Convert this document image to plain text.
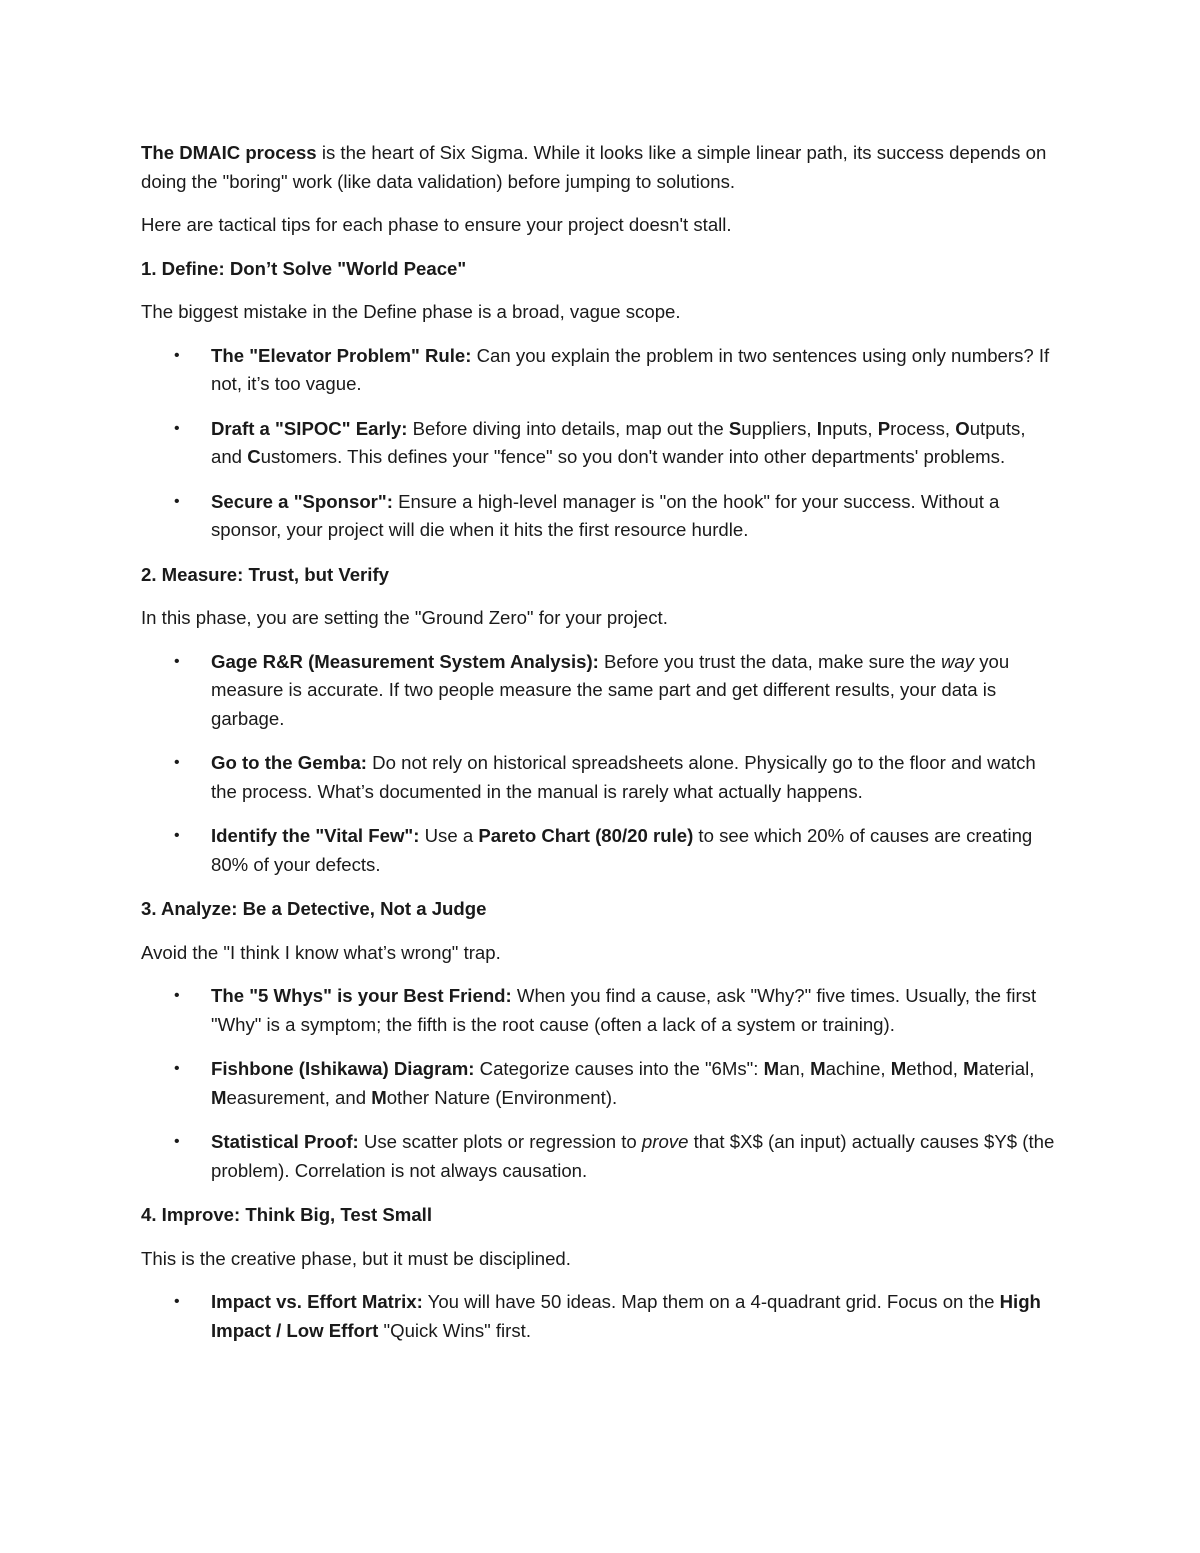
The DMAIC process is the heart of Six Sigma. While it looks like a simple linear path, its success depends on doing the "boring" work (like data validation) before jumping to solutions.

Here are tactical tips for each phase to ensure your project doesn't stall.

1. Define: Don’t Solve "World Peace"

The biggest mistake in the Define phase is a broad, vague scope.

• The "Elevator Problem" Rule: Can you explain the problem in two sentences using only numbers? If not, it’s too vague.
• Draft a "SIPOC" Early: Before diving into details, map out the Suppliers, Inputs, Process, Outputs, and Customers. This defines your "fence" so you don't wander into other departments' problems.
• Secure a "Sponsor": Ensure a high-level manager is "on the hook" for your success. Without a sponsor, your project will die when it hits the first resource hurdle.

2. Measure: Trust, but Verify

In this phase, you are setting the "Ground Zero" for your project.

• Gage R&R (Measurement System Analysis): Before you trust the data, make sure the way you measure is accurate. If two people measure the same part and get different results, your data is garbage.
• Go to the Gemba: Do not rely on historical spreadsheets alone. Physically go to the floor and watch the process. What’s documented in the manual is rarely what actually happens.
• Identify the "Vital Few": Use a Pareto Chart (80/20 rule) to see which 20% of causes are creating 80% of your defects.

3. Analyze: Be a Detective, Not a Judge

Avoid the "I think I know what’s wrong" trap.

• The "5 Whys" is your Best Friend: When you find a cause, ask "Why?" five times. Usually, the first "Why" is a symptom; the fifth is the root cause (often a lack of a system or training).
• Fishbone (Ishikawa) Diagram: Categorize causes into the "6Ms": Man, Machine, Method, Material, Measurement, and Mother Nature (Environment).
• Statistical Proof: Use scatter plots or regression to prove that $X$ (an input) actually causes $Y$ (the problem). Correlation is not always causation.

4. Improve: Think Big, Test Small

This is the creative phase, but it must be disciplined.

• Impact vs. Effort Matrix: You will have 50 ideas. Map them on a 4-quadrant grid. Focus on the High Impact / Low Effort "Quick Wins" first.
